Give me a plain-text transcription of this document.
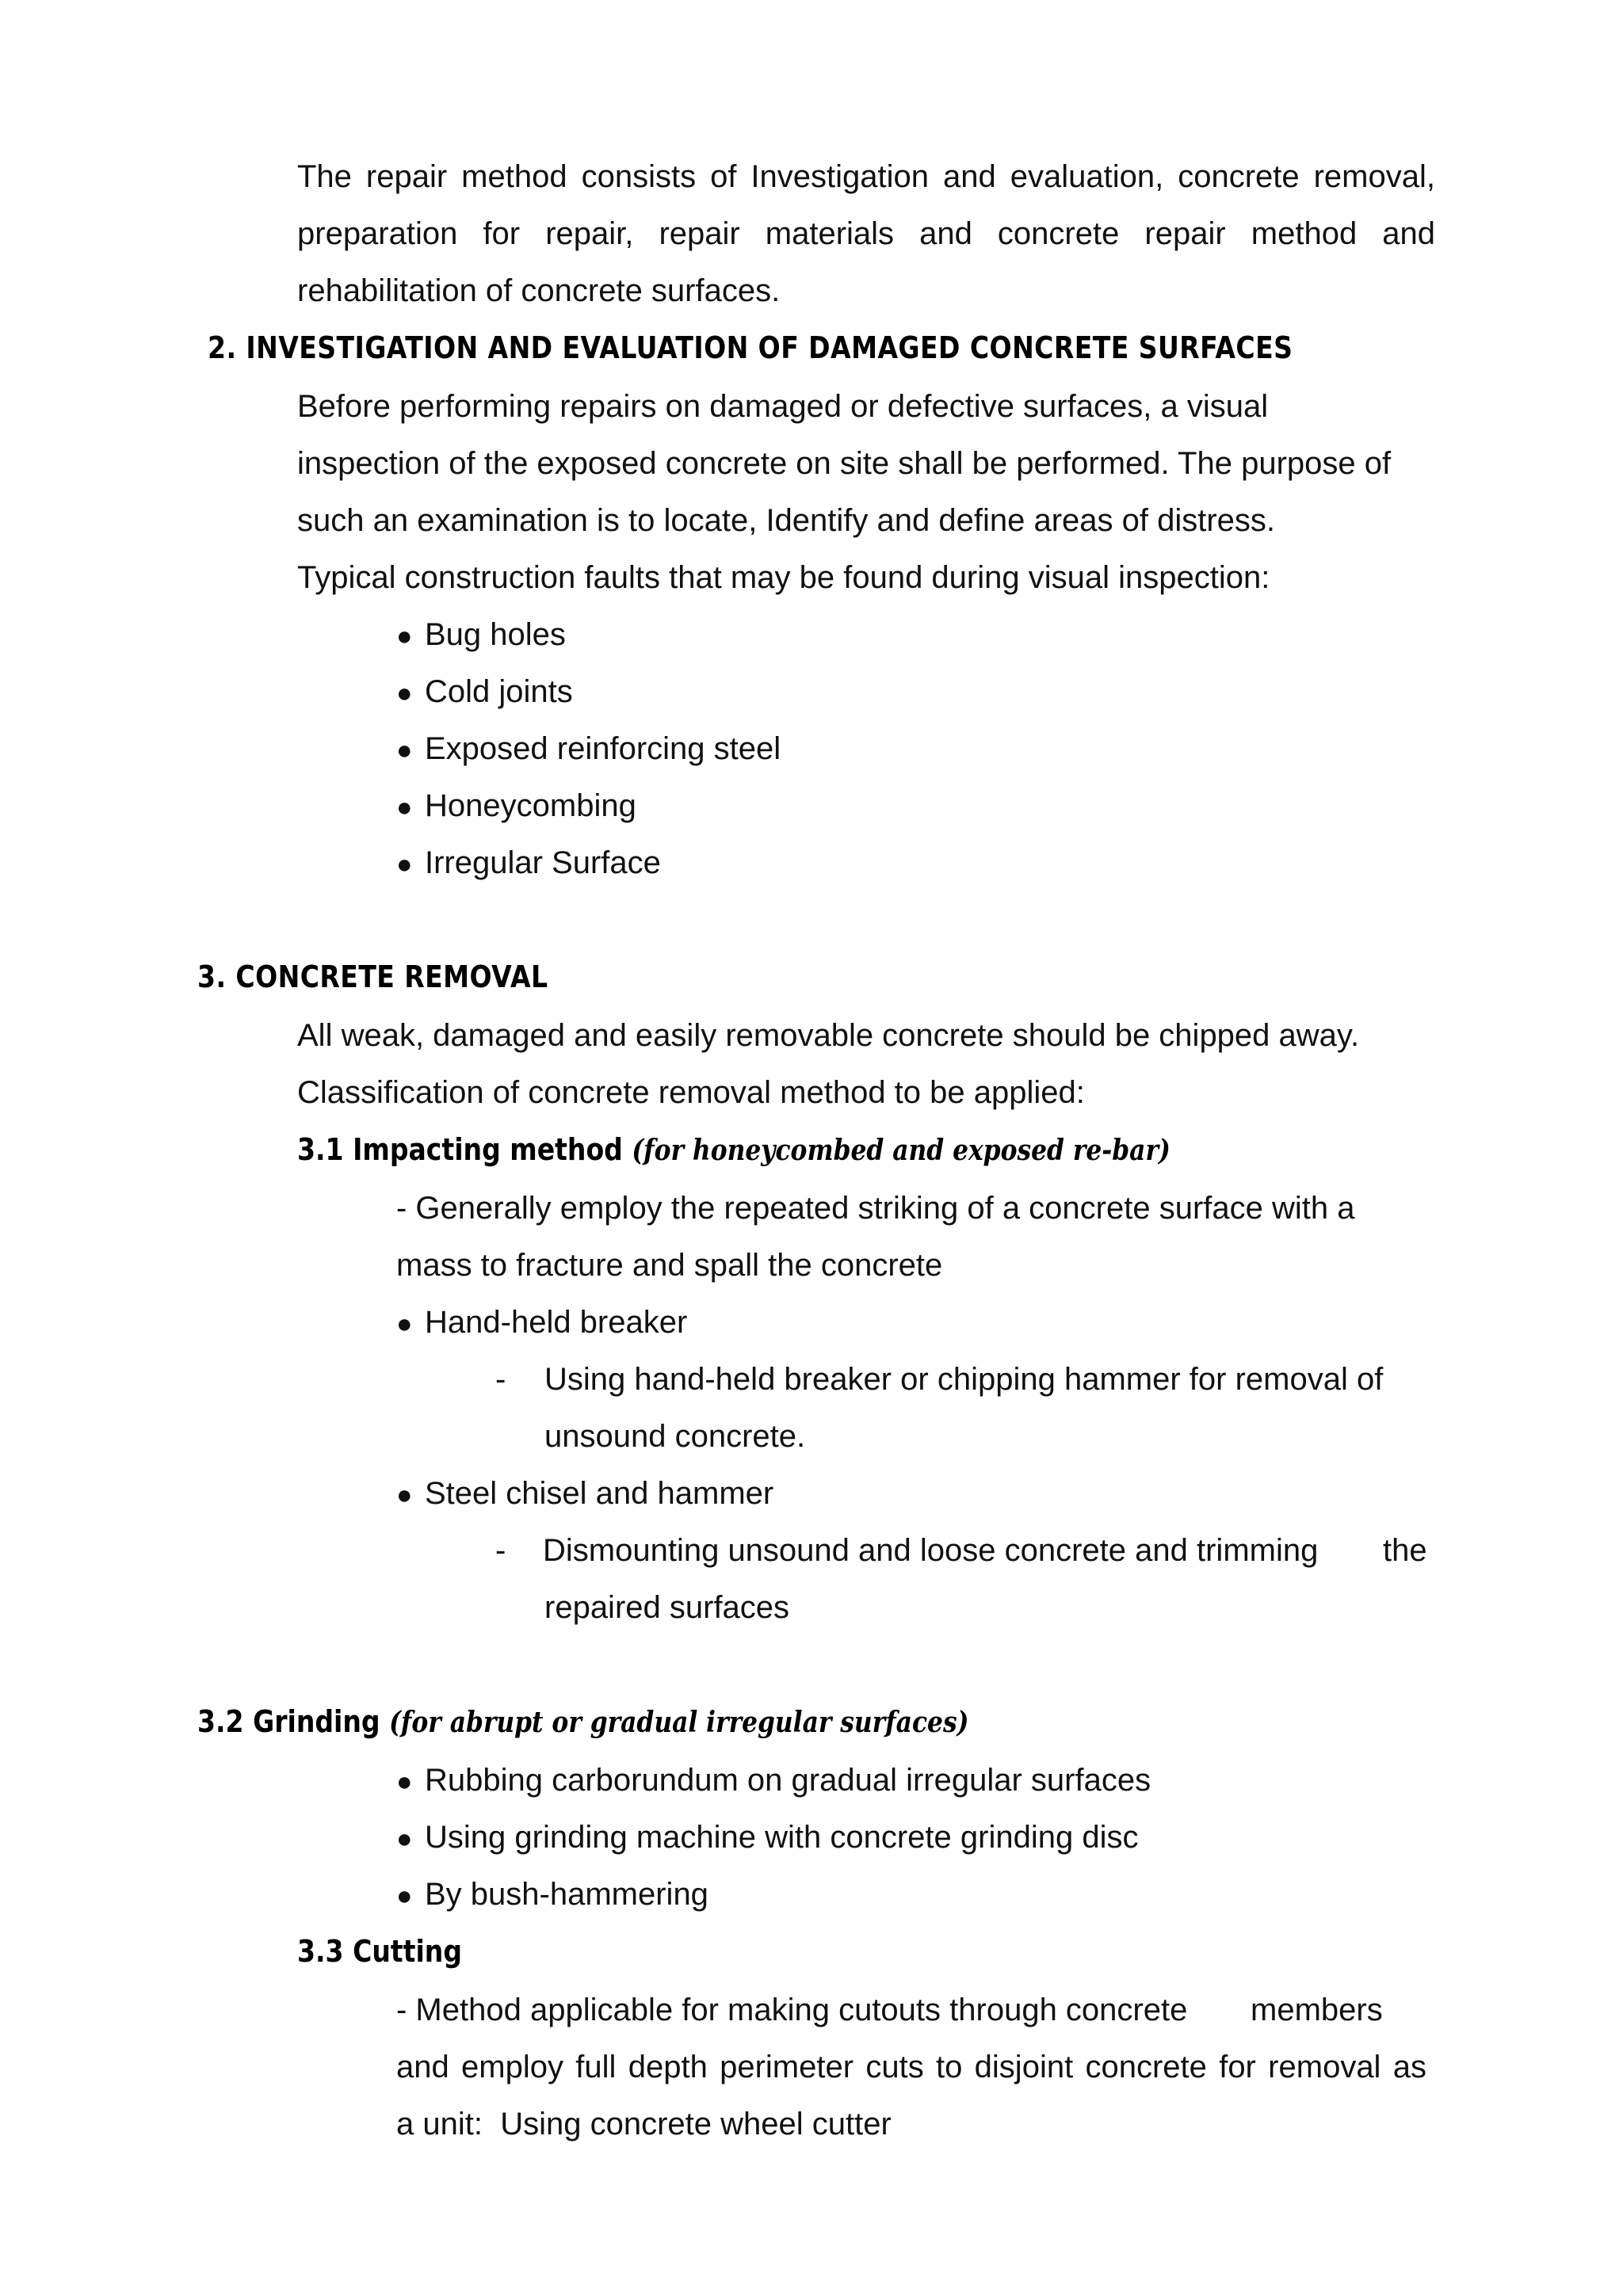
The repair method consists of Investigation and evaluation, concrete removal,
preparation for repair, repair materials and concrete repair method and
rehabilitation of concrete surfaces.
2. INVESTIGATION AND EVALUATION OF DAMAGED CONCRETE SURFACES
Before performing repairs on damaged or defective surfaces, a visual
inspection of the exposed concrete on site shall be performed. The purpose of
such an examination is to locate, Identify and define areas of distress.
Typical construction faults that may be found during visual inspection:
● Bug holes
● Cold joints
● Exposed reinforcing steel
● Honeycombing
● Irregular Surface
3. CONCRETE REMOVAL
All weak, damaged and easily removable concrete should be chipped away.
Classification of concrete removal method to be applied:
3.1 Impacting method (for honeycombed and exposed re-bar)
- Generally employ the repeated striking of a concrete surface with a
mass to fracture and spall the concrete
● Hand-held breaker
- Using hand-held breaker or chipping hammer for removal of
unsound concrete.
● Steel chisel and hammer
- Dismounting unsound and loose concrete and trimming the
repaired surfaces
3.2 Grinding (for abrupt or gradual irregular surfaces)
● Rubbing carborundum on gradual irregular surfaces
● Using grinding machine with concrete grinding disc
● By bush-hammering
3.3 Cutting
- Method applicable for making cutouts through concrete members
and employ full depth perimeter cuts to disjoint concrete for removal as
a unit:  Using concrete wheel cutter
